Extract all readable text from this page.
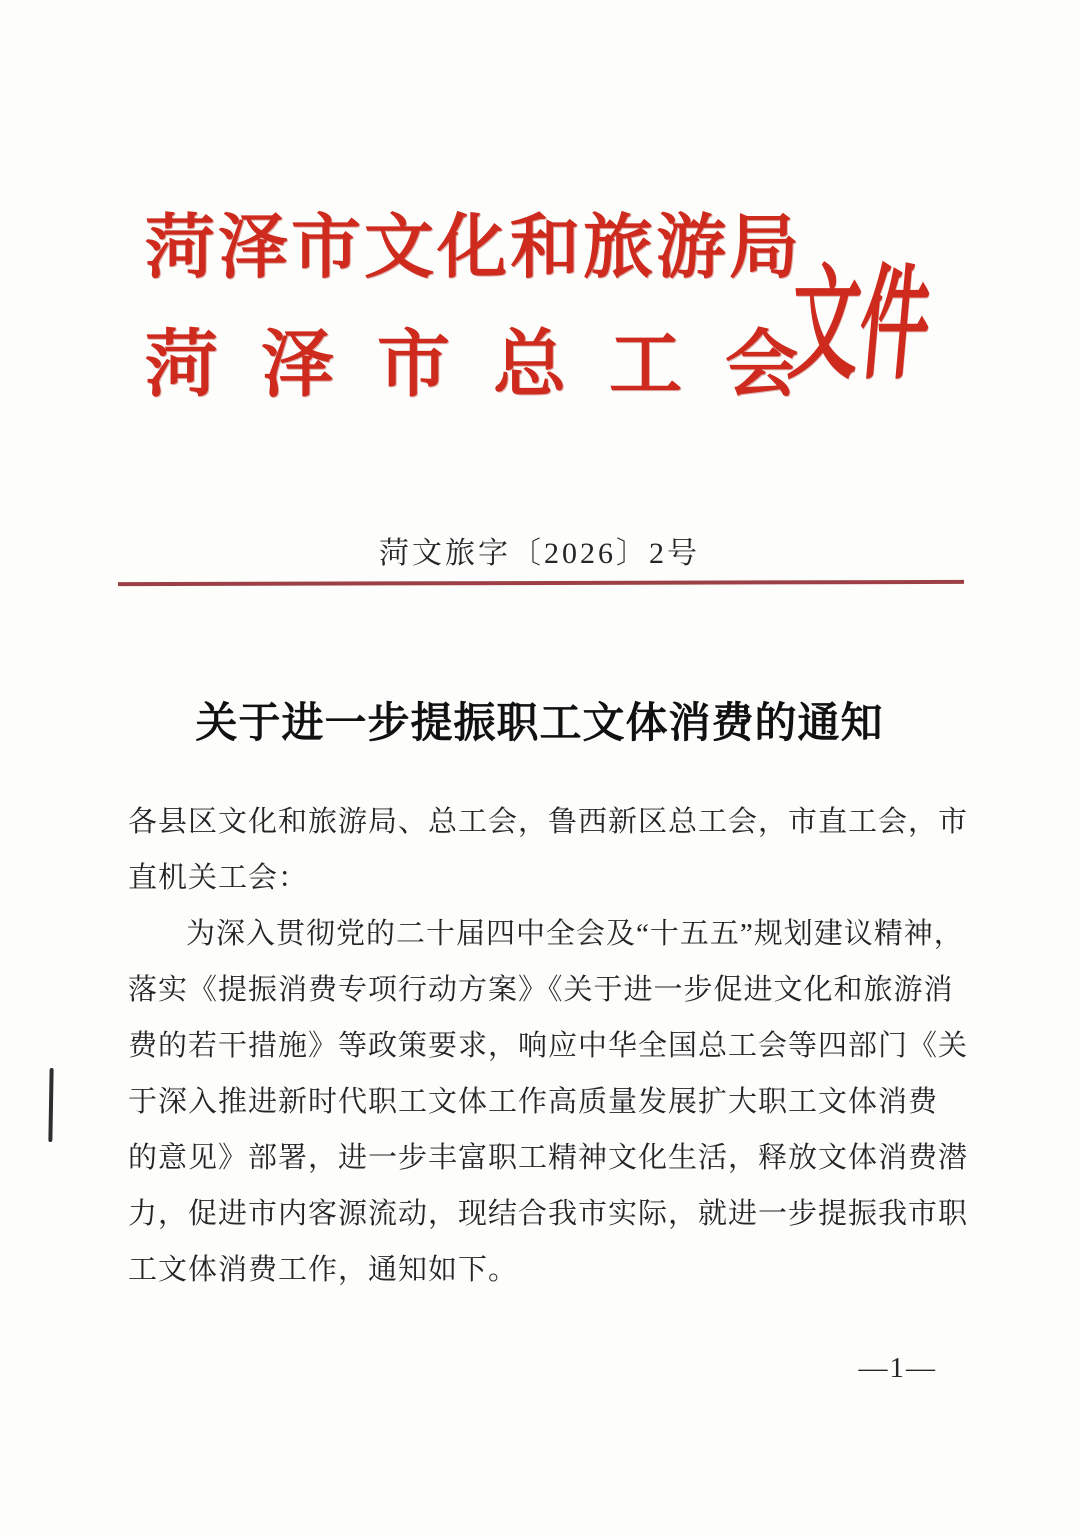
菏泽市文化和旅游局
菏泽市总工会
文件
菏文旅字〔2026〕2号
关于进一步提振职工文体消费的通知
各县区文化和旅游局、总工会，鲁西新区总工会，市直工会，市
直机关工会：
为深入贯彻党的二十届四中全会及“十五五”规划建议精神，
落实《提振消费专项行动方案》《关于进一步促进文化和旅游消
费的若干措施》等政策要求，响应中华全国总工会等四部门《关
于深入推进新时代职工文体工作高质量发展扩大职工文体消费
的意见》部署，进一步丰富职工精神文化生活，释放文体消费潜
力，促进市内客源流动，现结合我市实际，就进一步提振我市职
工文体消费工作，通知如下。
—1—
